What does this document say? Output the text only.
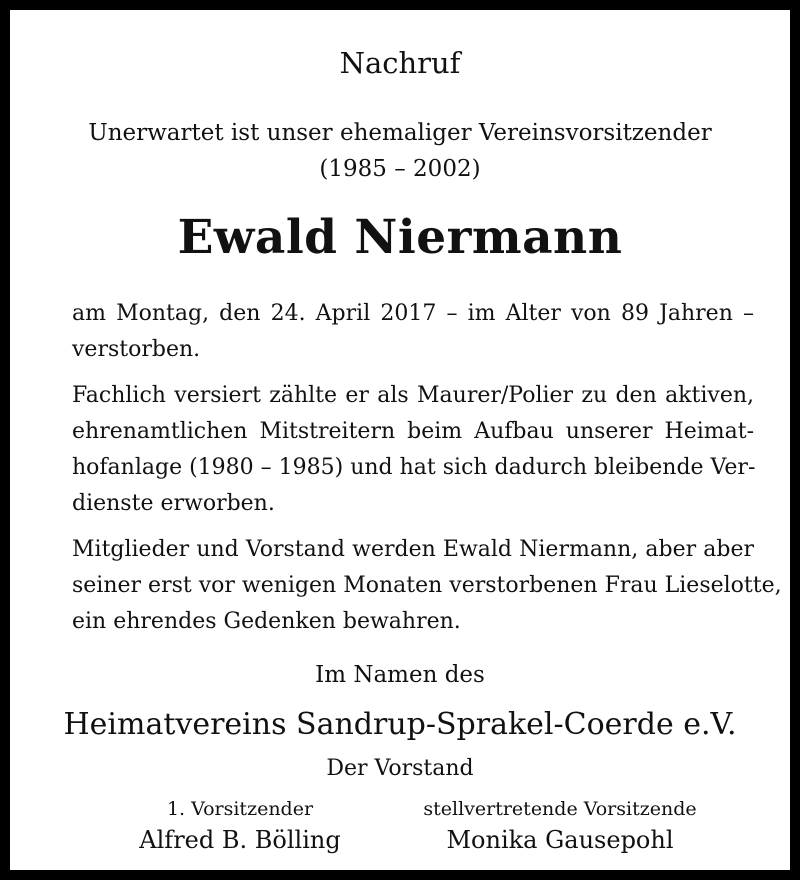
Nachruf
Unerwartet ist unser ehemaliger Vereinsvorsitzender
(1985 – 2002)
Ewald Niermann
am Montag, den 24. April 2017 – im Alter von 89 Jahren –
verstorben.
Fachlich versiert zählte er als Maurer/Polier zu den aktiven,
ehrenamtlichen Mitstreitern beim Aufbau unserer Heimat-
hofanlage (1980 – 1985) und hat sich dadurch bleibende Ver-
dienste erworben.
Mitglieder und Vorstand werden Ewald Niermann, aber aber
seiner erst vor wenigen Monaten verstorbenen Frau Lieselotte,
ein ehrendes Gedenken bewahren.
Im Namen des
Heimatvereins Sandrup-Sprakel-Coerde e.V.
Der Vorstand
1. Vorsitzender
Alfred B. Bölling
stellvertretende Vorsitzende
Monika Gausepohl
